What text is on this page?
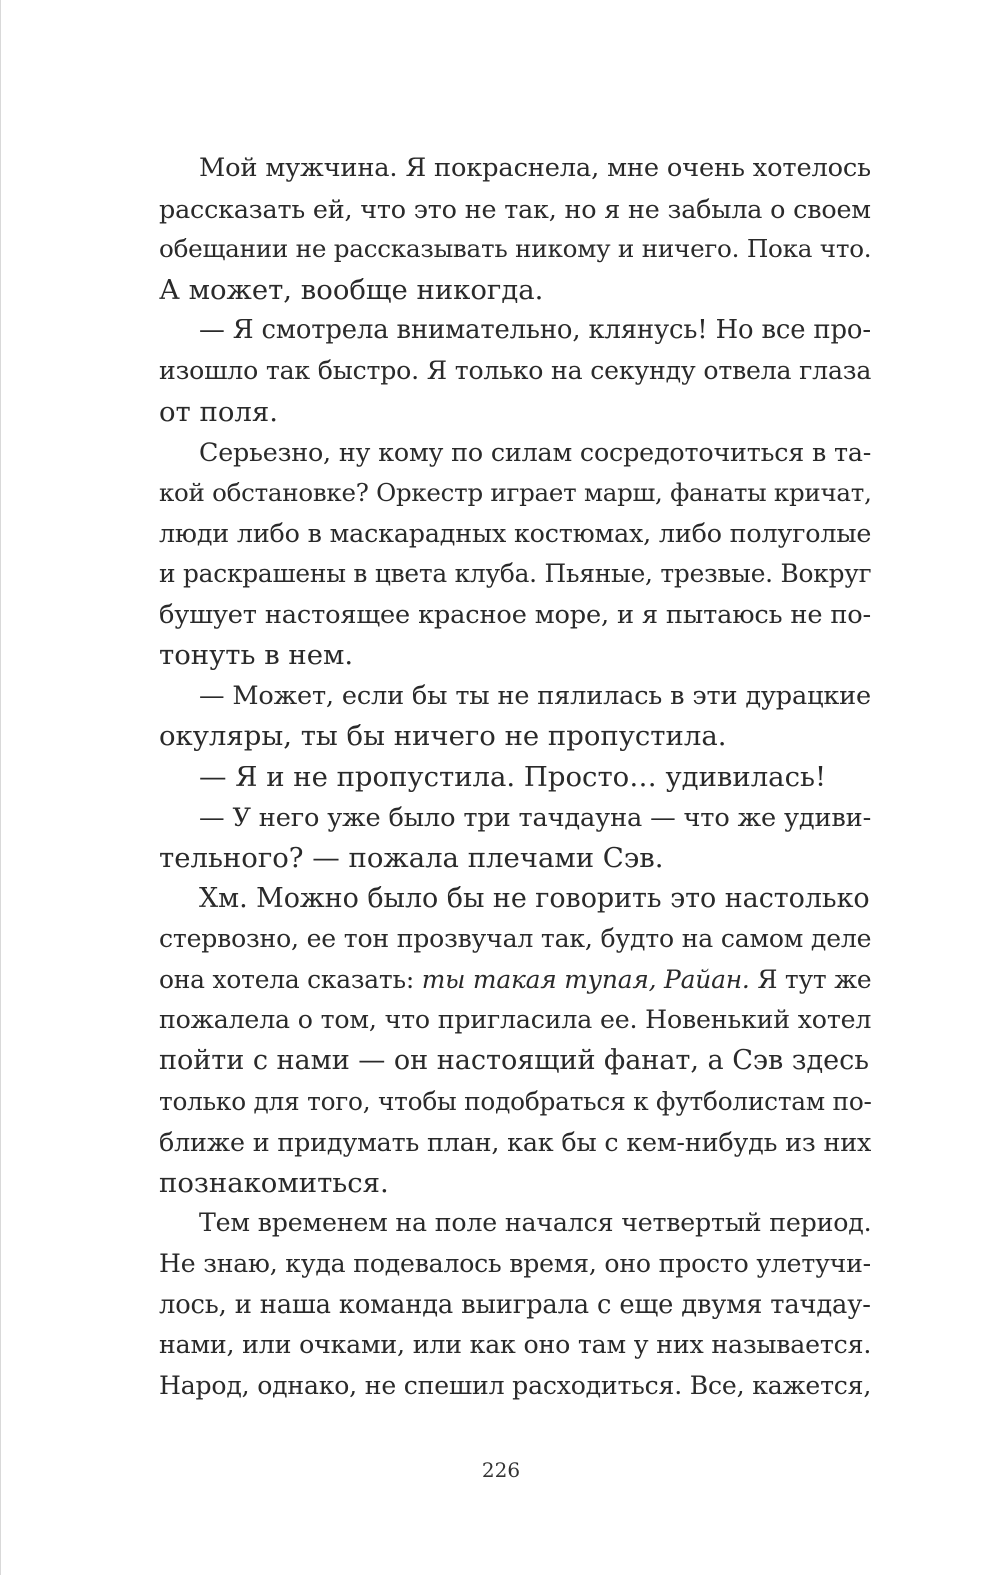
Мой мужчина. Я покраснела, мне очень хотелось
рассказать ей, что это не так, но я не забыла о своем
обещании не рассказывать никому и ничего. Пока что.
А может, вообще никогда.
— Я смотрела внимательно, клянусь! Но все про-
изошло так быстро. Я только на секунду отвела глаза
от поля.
Серьезно, ну кому по силам сосредоточиться в та-
кой обстановке? Оркестр играет марш, фанаты кричат,
люди либо в маскарадных костюмах, либо полуголые
и раскрашены в цвета клуба. Пьяные, трезвые. Вокруг
бушует настоящее красное море, и я пытаюсь не по-
тонуть в нем.
— Может, если бы ты не пялилась в эти дурацкие
окуляры, ты бы ничего не пропустила.
— Я и не пропустила. Просто… удивилась!
— У него уже было три тачдауна — что же удиви-
тельного? — пожала плечами Сэв.
Хм. Можно было бы не говорить это настолько
стервозно, ее тон прозвучал так, будто на самом деле
она хотела сказать: ты такая тупая, Райан. Я тут же
пожалела о том, что пригласила ее. Новенький хотел
пойти с нами — он настоящий фанат, а Сэв здесь
только для того, чтобы подобраться к футболистам по-
ближе и придумать план, как бы с кем-нибудь из них
познакомиться.
Тем временем на поле начался четвертый период.
Не знаю, куда подевалось время, оно просто улетучи-
лось, и наша команда выиграла с еще двумя тачдау-
нами, или очками, или как оно там у них называется.
Народ, однако, не спешил расходиться. Все, кажется,
226
